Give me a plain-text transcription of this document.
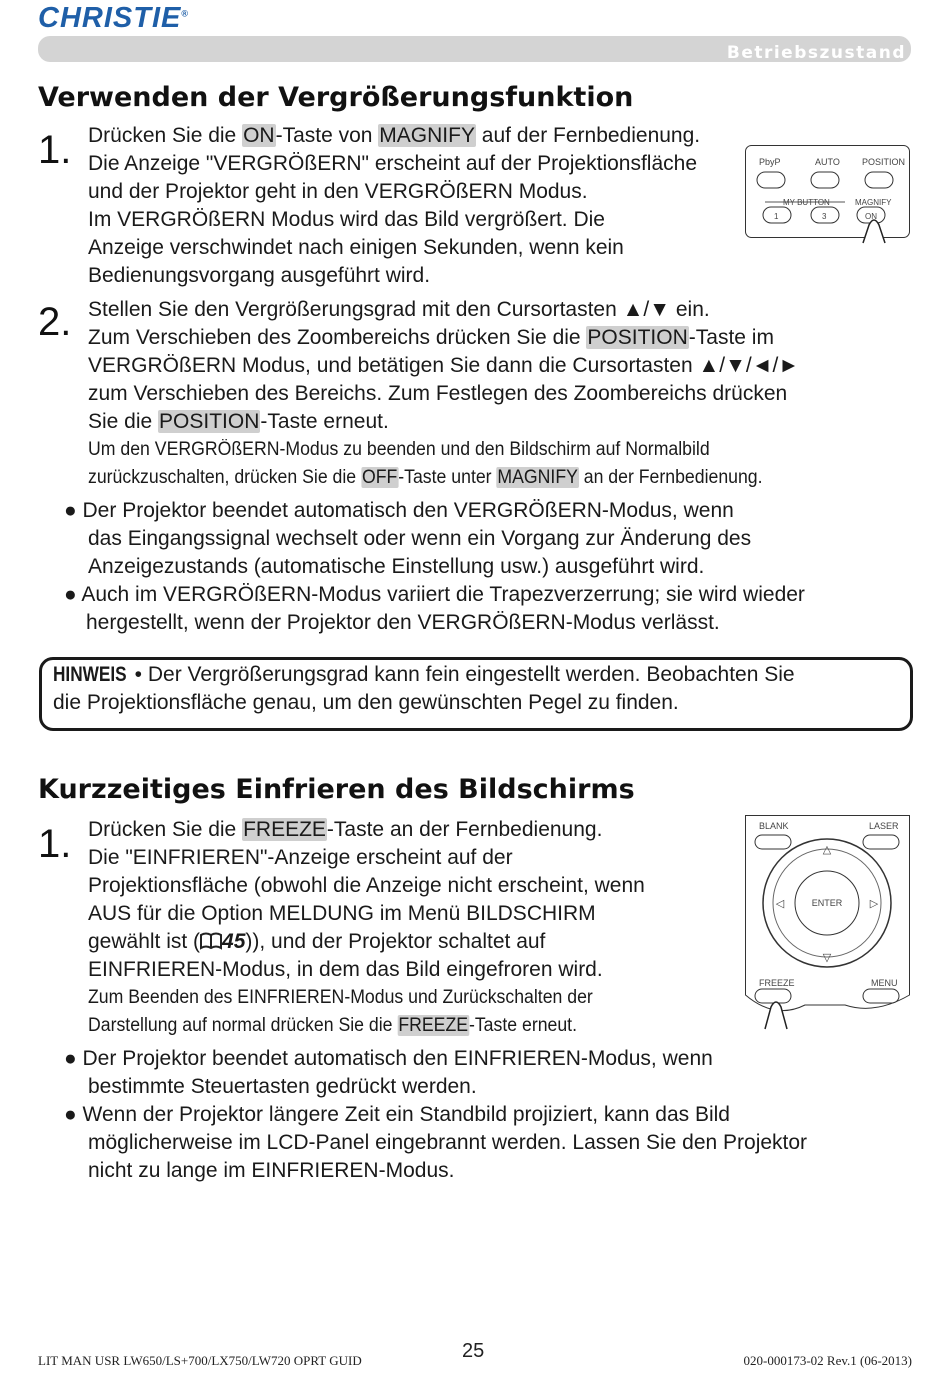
CHRISTIE®
Betriebszustand
Verwenden der Vergrößerungsfunktion
1. Drücken Sie die ON-Taste von MAGNIFY auf der Fernbedienung.
Die Anzeige "VERGRÖßERN" erscheint auf der Projektionsfläche
und der Projektor geht in den VERGRÖßERN Modus.
Im VERGRÖßERN Modus wird das Bild vergrößert. Die
Anzeige verschwindet nach einigen Sekunden, wenn kein
Bedienungsvorgang ausgeführt wird.
PbyP	AUTO POSITION
MY BUTTON	MAGNIFY
1	3	ON
2. Stellen Sie den Vergrößerungsgrad mit den Cursortasten ▲/▼ ein.
Zum Verschieben des Zoombereichs drücken Sie die POSITION-Taste im
VERGRÖßERN Modus, und betätigen Sie dann die Cursortasten ▲/▼/◄/►
zum Verschieben des Bereichs. Zum Festlegen des Zoombereichs drücken
Sie die POSITION-Taste erneut.
Um den VERGRÖßERN-Modus zu beenden und den Bildschirm auf Normalbild
zurückzuschalten, drücken Sie die OFF-Taste unter MAGNIFY an der Fernbedienung.
● Der Projektor beendet automatisch den VERGRÖßERN-Modus, wenn
das Eingangssignal wechselt oder wenn ein Vorgang zur Änderung des
Anzeigezustands (automatische Einstellung usw.) ausgeführt wird.
● Auch im VERGRÖßERN-Modus variiert die Trapezverzerrung; sie wird wieder
hergestellt, wenn der Projektor den VERGRÖßERN-Modus verlässt.
HINWEIS • Der Vergrößerungsgrad kann fein eingestellt werden. Beobachten Sie
die Projektionsfläche genau, um den gewünschten Pegel zu finden.
Kurzzeitiges Einfrieren des Bildschirms
1. Drücken Sie die FREEZE-Taste an der Fernbedienung.
Die "EINFRIEREN"-Anzeige erscheint auf der
Projektionsfläche (obwohl die Anzeige nicht erscheint, wenn
AUS für die Option MELDUNG im Menü BILDSCHIRM
gewählt ist ( 45)), und der Projektor schaltet auf
EINFRIEREN-Modus, in dem das Bild eingefroren wird.
Zum Beenden des EINFRIEREN-Modus und Zurückschalten der
Darstellung auf normal drücken Sie die FREEZE-Taste erneut.
BLANK	LASER
△
▽
◁	▷
ENTER
FREEZE	MENU
● Der Projektor beendet automatisch den EINFRIEREN-Modus, wenn
bestimmte Steuertasten gedrückt werden.
● Wenn der Projektor längere Zeit ein Standbild projiziert, kann das Bild
möglicherweise im LCD-Panel eingebrannt werden. Lassen Sie den Projektor
nicht zu lange im EINFRIEREN-Modus.
LIT MAN USR LW650/LS+700/LX750/LW720 OPRT GUID	25	020-000173-02 Rev.1 (06-2013)
